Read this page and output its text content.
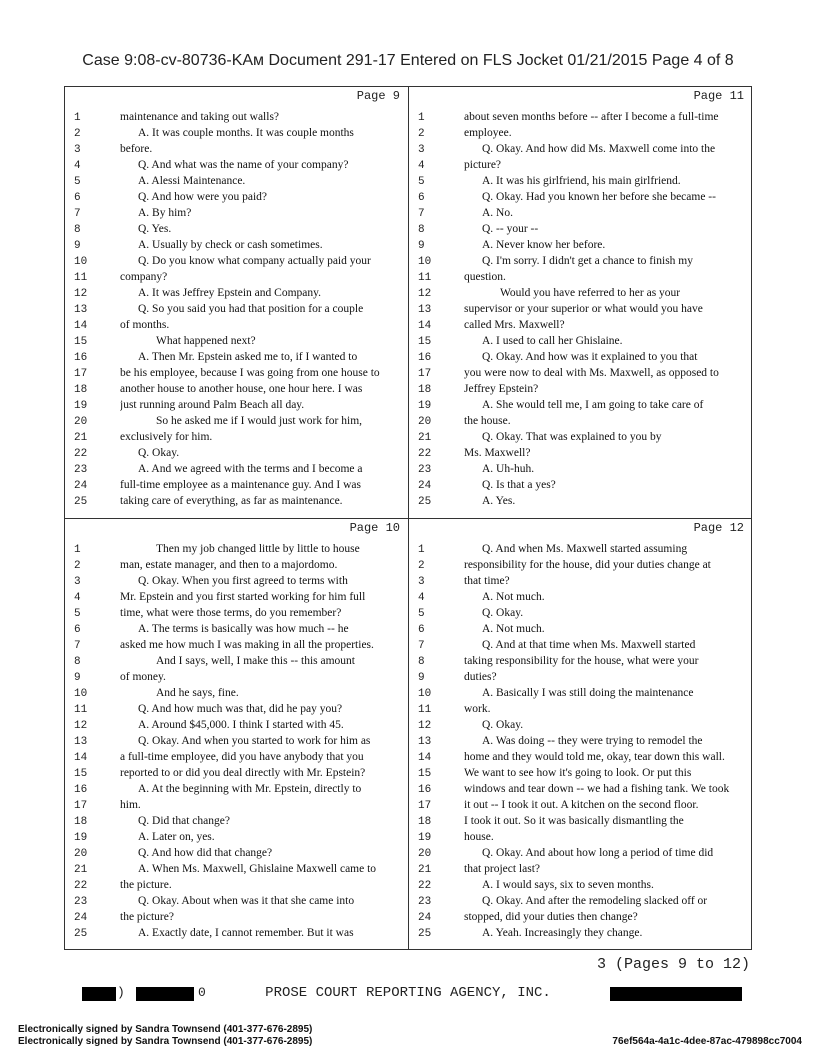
Case 9:08-cv-80736-KAᴍ Document 291-17 Entered on FLS Jocket 01/21/2015 Page 4 of 8
Page 9
1	maintenance and taking out walls?
2	A. It was couple months. It was couple months
3	before.
4	Q. And what was the name of your company?
5	A. Alessi Maintenance.
6	Q. And how were you paid?
7	A. By him?
8	Q. Yes.
9	A. Usually by check or cash sometimes.
10	Q. Do you know what company actually paid your
11	company?
12	A. It was Jeffrey Epstein and Company.
13	Q. So you said you had that position for a couple
14	of months.
15	What happened next?
16	A. Then Mr. Epstein asked me to, if I wanted to
17	be his employee, because I was going from one house to
18	another house to another house, one hour here. I was
19	just running around Palm Beach all day.
20	So he asked me if I would just work for him,
21	exclusively for him.
22	Q. Okay.
23	A. And we agreed with the terms and I become a
24	full-time employee as a maintenance guy. And I was
25	taking care of everything, as far as maintenance.
Page 11
1	about seven months before -- after I become a full-time
2	employee.
3	Q. Okay. And how did Ms. Maxwell come into the
4	picture?
5	A. It was his girlfriend, his main girlfriend.
6	Q. Okay. Had you known her before she became --
7	A. No.
8	Q. -- your --
9	A. Never know her before.
10	Q. I'm sorry. I didn't get a chance to finish my
11	question.
12	Would you have referred to her as your
13	supervisor or your superior or what would you have
14	called Mrs. Maxwell?
15	A. I used to call her Ghislaine.
16	Q. Okay. And how was it explained to you that
17	you were now to deal with Ms. Maxwell, as opposed to
18	Jeffrey Epstein?
19	A. She would tell me, I am going to take care of
20	the house.
21	Q. Okay. That was explained to you by
22	Ms. Maxwell?
23	A. Uh-huh.
24	Q. Is that a yes?
25	A. Yes.
Page 10
1	Then my job changed little by little to house
2	man, estate manager, and then to a majordomo.
3	Q. Okay. When you first agreed to terms with
4	Mr. Epstein and you first started working for him full
5	time, what were those terms, do you remember?
6	A. The terms is basically was how much -- he
7	asked me how much I was making in all the properties.
8	And I says, well, I make this -- this amount
9	of money.
10	And he says, fine.
11	Q. And how much was that, did he pay you?
12	A. Around $45,000. I think I started with 45.
13	Q. Okay. And when you started to work for him as
14	a full-time employee, did you have anybody that you
15	reported to or did you deal directly with Mr. Epstein?
16	A. At the beginning with Mr. Epstein, directly to
17	him.
18	Q. Did that change?
19	A. Later on, yes.
20	Q. And how did that change?
21	A. When Ms. Maxwell, Ghislaine Maxwell came to
22	the picture.
23	Q. Okay. About when was it that she came into
24	the picture?
25	A. Exactly date, I cannot remember. But it was
Page 12
1	Q. And when Ms. Maxwell started assuming
2	responsibility for the house, did your duties change at
3	that time?
4	A. Not much.
5	Q. Okay.
6	A. Not much.
7	Q. And at that time when Ms. Maxwell started
8	taking responsibility for the house, what were your
9	duties?
10	A. Basically I was still doing the maintenance
11	work.
12	Q. Okay.
13	A. Was doing -- they were trying to remodel the
14	home and they would told me, okay, tear down this wall.
15	We want to see how it's going to look. Or put this
16	windows and tear down -- we had a fishing tank. We took
17	it out -- I took it out. A kitchen on the second floor.
18	I took it out. So it was basically dismantling the
19	house.
20	Q. Okay. And about how long a period of time did
21	that project last?
22	A. I would says, six to seven months.
23	Q. Okay. And after the remodeling slacked off or
24	stopped, did your duties then change?
25	A. Yeah. Increasingly they change.
3 (Pages 9 to 12)
)	0	PROSE COURT REPORTING AGENCY, INC.
Electronically signed by Sandra Townsend (401-377-676-2895)
Electronically signed by Sandra Townsend (401-377-676-2895)	76ef564a-4a1c-4dee-87ac-479898cc7004
